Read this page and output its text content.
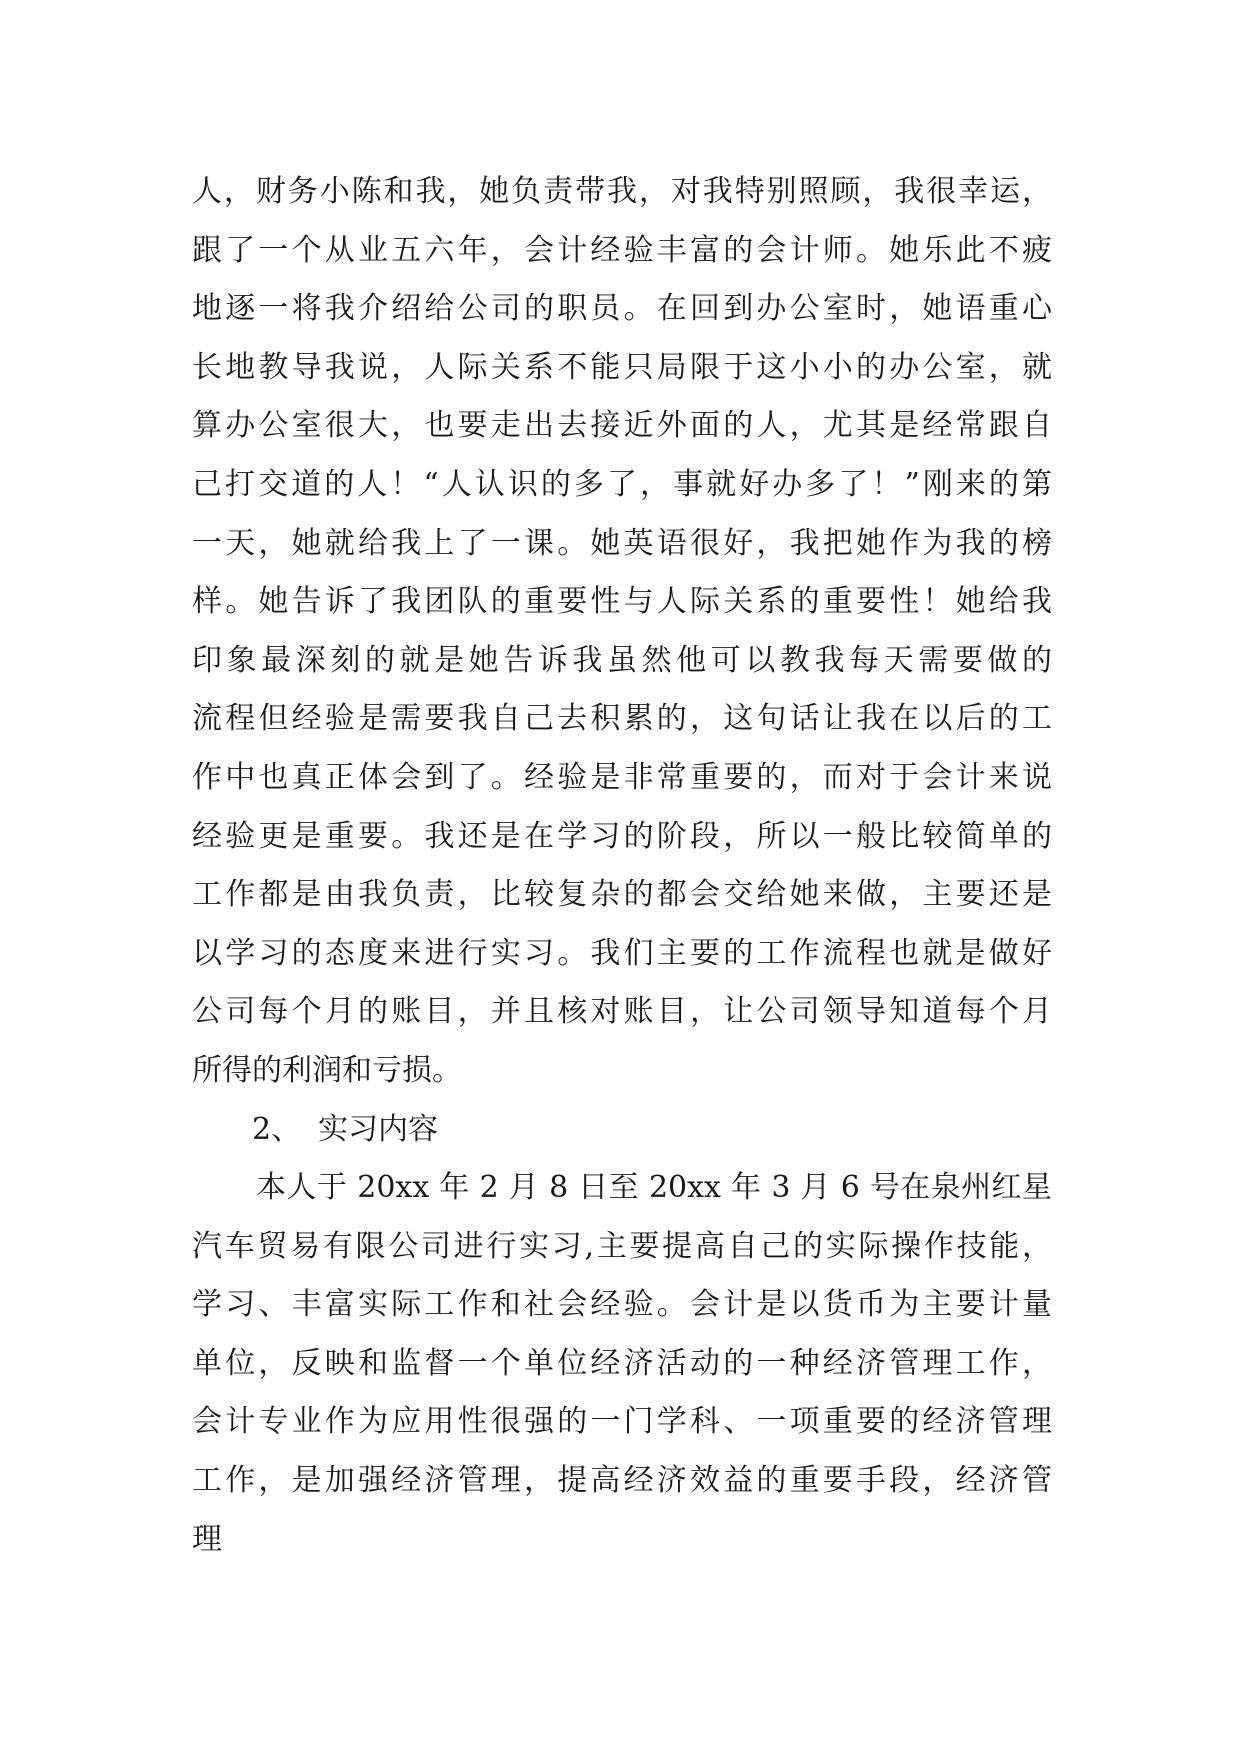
人，财务小陈和我，她负责带我，对我特别照顾，我很幸运，
跟了一个从业五六年，会计经验丰富的会计师。她乐此不疲
地逐一将我介绍给公司的职员。在回到办公室时，她语重心
长地教导我说，人际关系不能只局限于这小小的办公室，就
算办公室很大，也要走出去接近外面的人，尤其是经常跟自
己打交道的人！“人认识的多了，事就好办多了！”刚来的第
一天，她就给我上了一课。她英语很好，我把她作为我的榜
样。她告诉了我团队的重要性与人际关系的重要性！她给我
印象最深刻的就是她告诉我虽然他可以教我每天需要做的
流程但经验是需要我自己去积累的，这句话让我在以后的工
作中也真正体会到了。经验是非常重要的，而对于会计来说
经验更是重要。我还是在学习的阶段，所以一般比较简单的
工作都是由我负责，比较复杂的都会交给她来做，主要还是
以学习的态度来进行实习。我们主要的工作流程也就是做好
公司每个月的账目，并且核对账目，让公司领导知道每个月
所得的利润和亏损。
2、 实习内容
本人于 20xx 年 2 月 8 日至 20xx 年 3 月 6 号在泉州红星
汽车贸易有限公司进行实习,主要提高自己的实际操作技能，
学习、丰富实际工作和社会经验。会计是以货币为主要计量
单位，反映和监督一个单位经济活动的一种经济管理工作，
会计专业作为应用性很强的一门学科、一项重要的经济管理
工作，是加强经济管理，提高经济效益的重要手段，经济管
理
